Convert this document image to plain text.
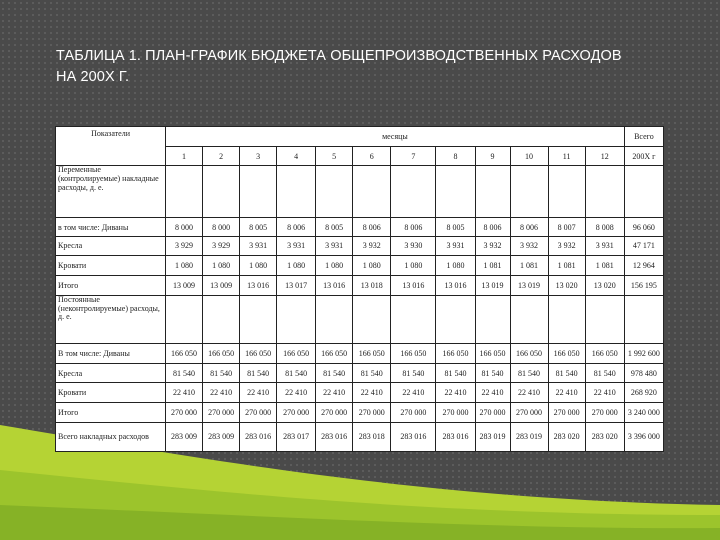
ТАБЛИЦА 1. ПЛАН-ГРАФИК БЮДЖЕТА ОБЩЕПРОИЗВОДСТВЕННЫХ РАСХОДОВ
НА 200Х Г.
Показатели	месяцы												Всего
	1	2	3	4	5	6	7	8	9	10	11	12	200Х г
Переменные (контролируемые) накладные расходы, д. е.													
в том числе: Диваны	8 000	8 000	8 005	8 006	8 005	8 006	8 006	8 005	8 006	8 006	8 007	8 008	96 060
Кресла	3 929	3 929	3 931	3 931	3 931	3 932	3 930	3 931	3 932	3 932	3 932	3 931	47 171
Кровати	1 080	1 080	1 080	1 080	1 080	1 080	1 080	1 080	1 081	1 081	1 081	1 081	12 964
Итого	13 009	13 009	13 016	13 017	13 016	13 018	13 016	13 016	13 019	13 019	13 020	13 020	156 195
Постоянные (неконтролируемые) расходы, д. е.													
В том числе: Диваны	166 050	166 050	166 050	166 050	166 050	166 050	166 050	166 050	166 050	166 050	166 050	166 050	1 992 600
Кресла	81 540	81 540	81 540	81 540	81 540	81 540	81 540	81 540	81 540	81 540	81 540	81 540	978 480
Кровати	22 410	22 410	22 410	22 410	22 410	22 410	22 410	22 410	22 410	22 410	22 410	22 410	268 920
Итого	270 000	270 000	270 000	270 000	270 000	270 000	270 000	270 000	270 000	270 000	270 000	270 000	3 240 000
Всего накладных расходов	283 009	283 009	283 016	283 017	283 016	283 018	283 016	283 016	283 019	283 019	283 020	283 020	3 396 000
